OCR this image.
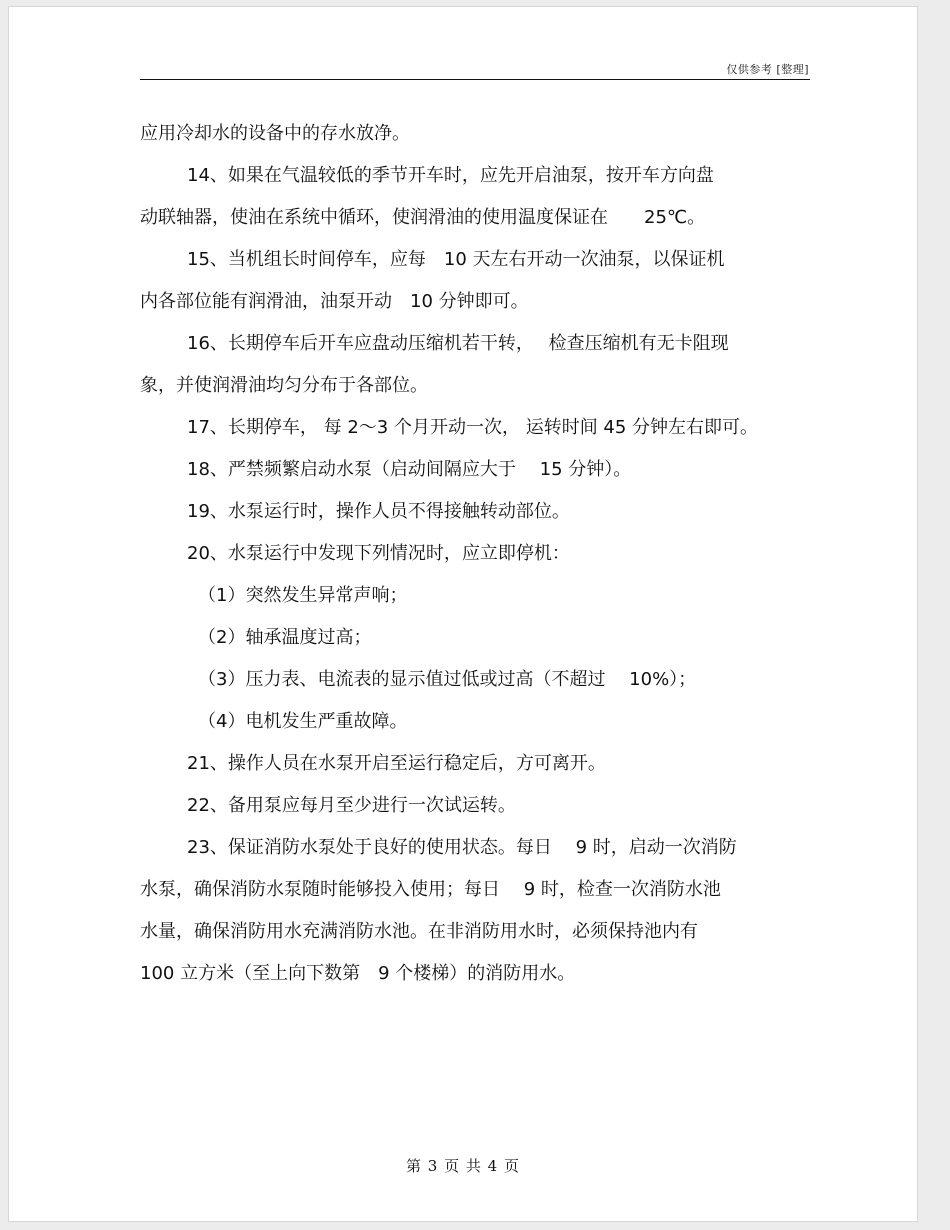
仅供参考 [整理]

应用冷却水的设备中的存水放净。

14、如果在气温较低的季节开车时，应先开启油泵，按开车方向盘

动联轴器，使油在系统中循环，使润滑油的使用温度保证在　　25℃。

15、当机组长时间停车，应每　10 天左右开动一次油泵，以保证机

内各部位能有润滑油，油泵开动　10 分钟即可。

16、长期停车后开车应盘动压缩机若干转，　 检查压缩机有无卡阻现

象，并使润滑油均匀分布于各部位。

17、长期停车， 每 2～3 个月开动一次， 运转时间 45 分钟左右即可。

18、严禁频繁启动水泵（启动间隔应大于　 15 分钟）。

19、水泵运行时，操作人员不得接触转动部位。

20、水泵运行中发现下列情况时，应立即停机：

（1）突然发生异常声响；

（2）轴承温度过高；

（3）压力表、电流表的显示值过低或过高（不超过　 10%）；

（4）电机发生严重故障。

21、操作人员在水泵开启至运行稳定后，方可离开。

22、备用泵应每月至少进行一次试运转。

23、保证消防水泵处于良好的使用状态。每日　 9 时，启动一次消防

水泵，确保消防水泵随时能够投入使用；每日　 9 时，检查一次消防水池

水量，确保消防用水充满消防水池。在非消防用水时，必须保持池内有

100 立方米（至上向下数第　9 个楼梯）的消防用水。

第 3 页 共 4 页
